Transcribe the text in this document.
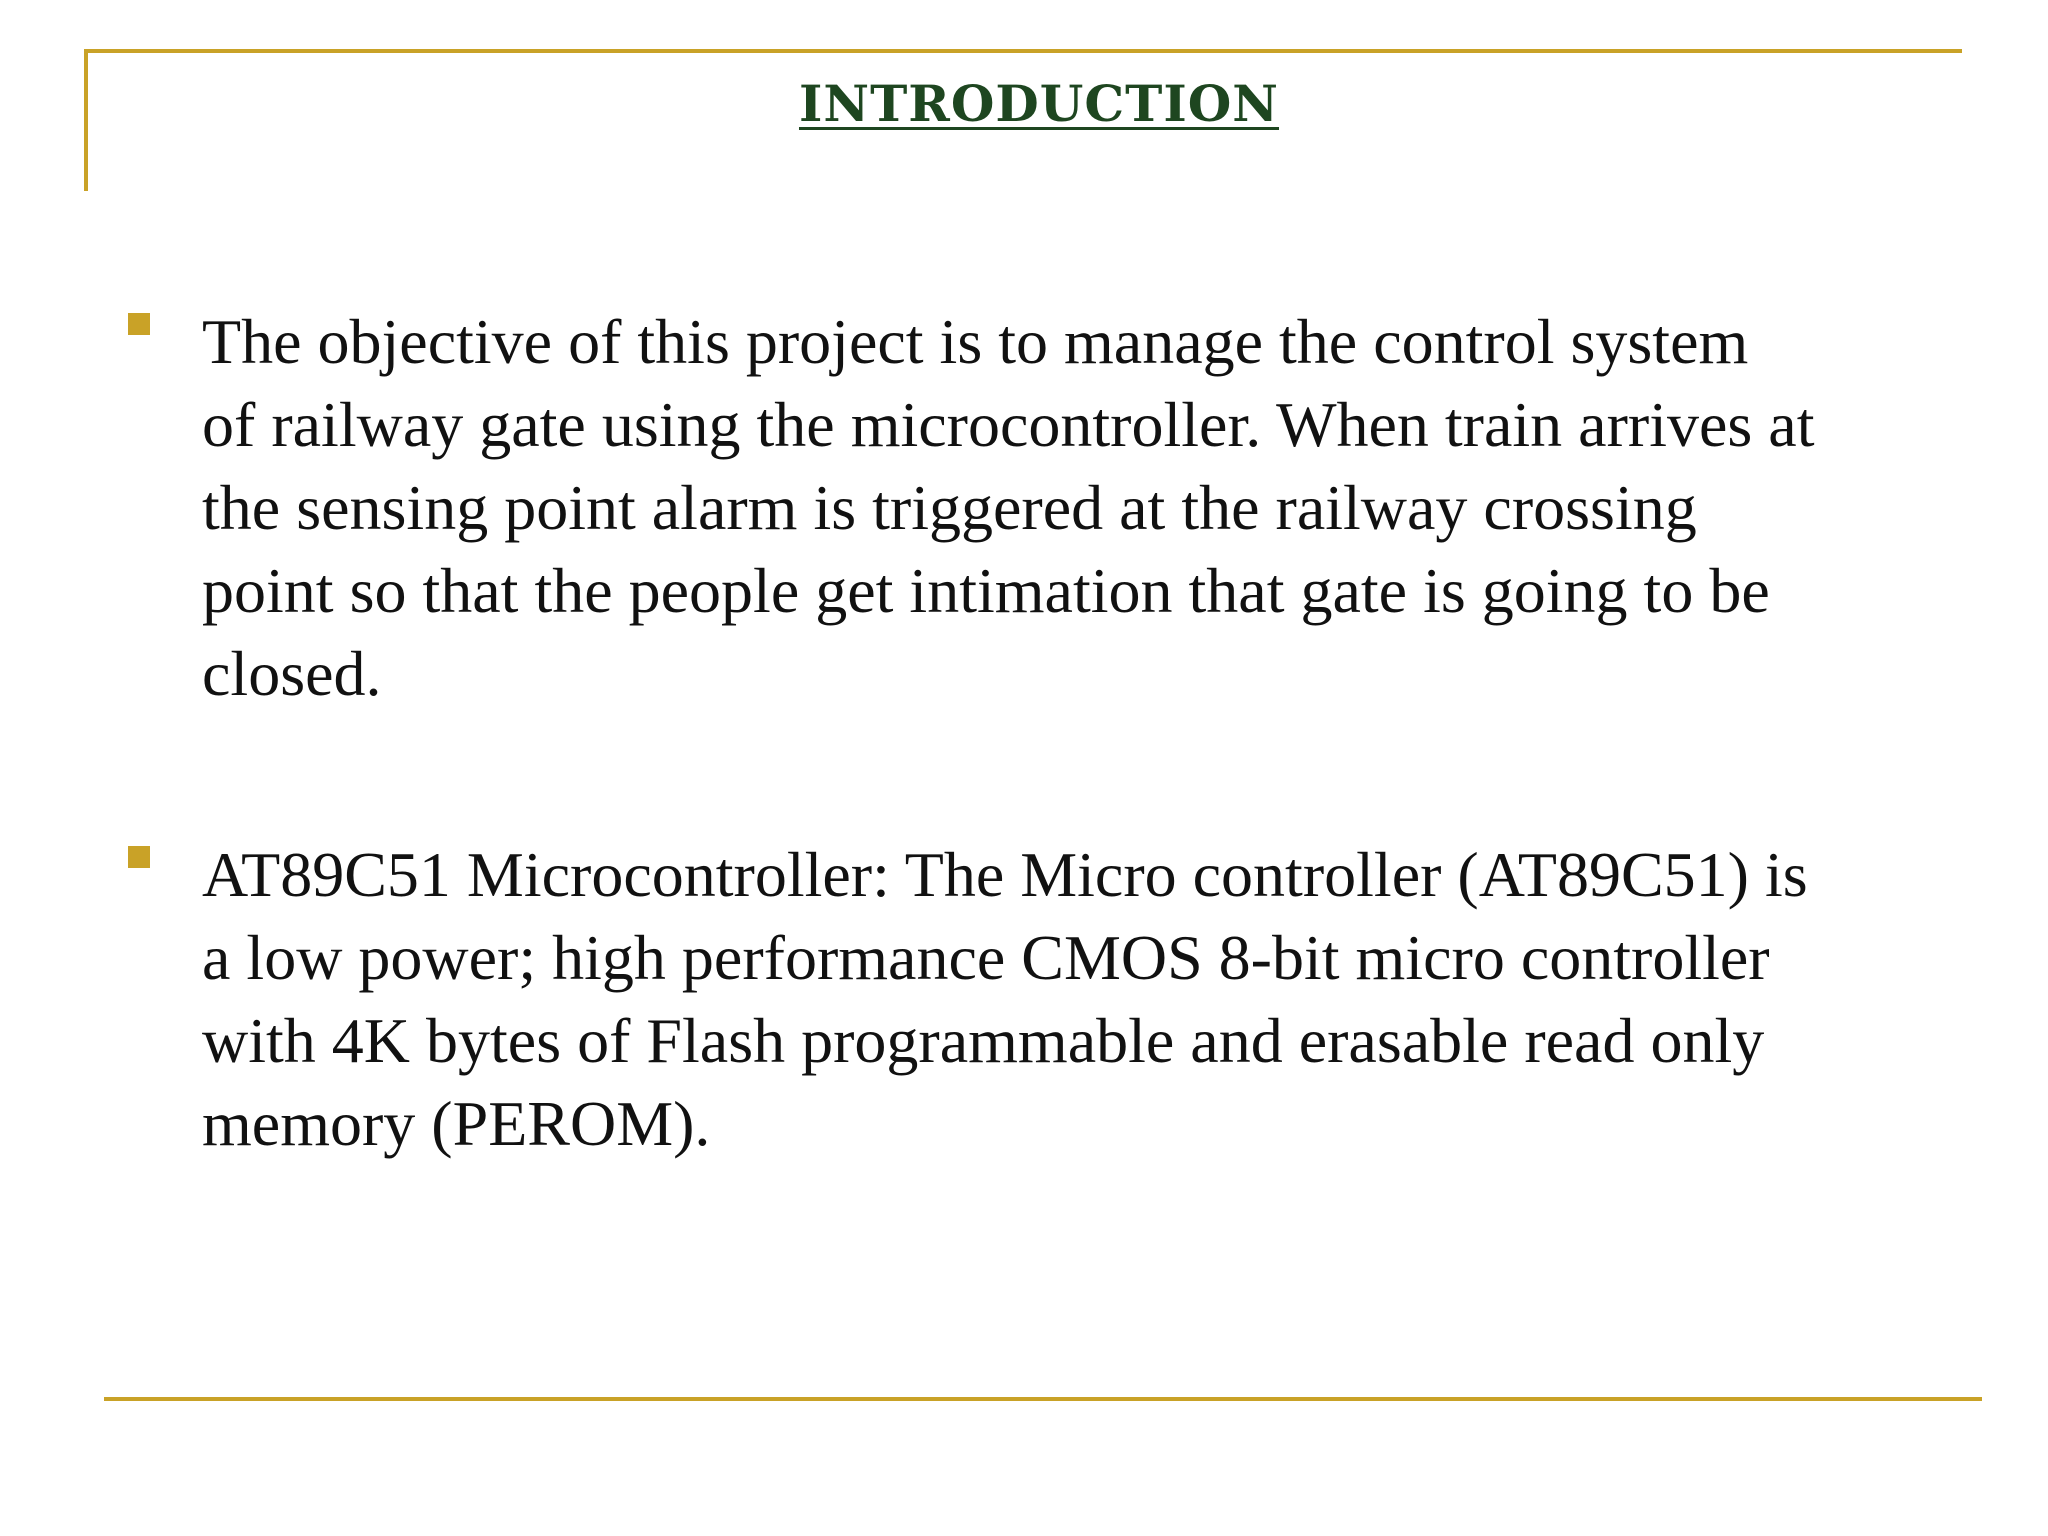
INTRODUCTION
The objective of this project is to manage the control system of railway gate using the microcontroller. When train arrives at the sensing point alarm is triggered at the railway crossing point so that the people get intimation that gate is going to be closed.
AT89C51 Microcontroller: The Micro controller (AT89C51) is a low power; high performance CMOS 8-bit micro controller with 4K bytes of Flash programmable and erasable read only memory (PEROM).
